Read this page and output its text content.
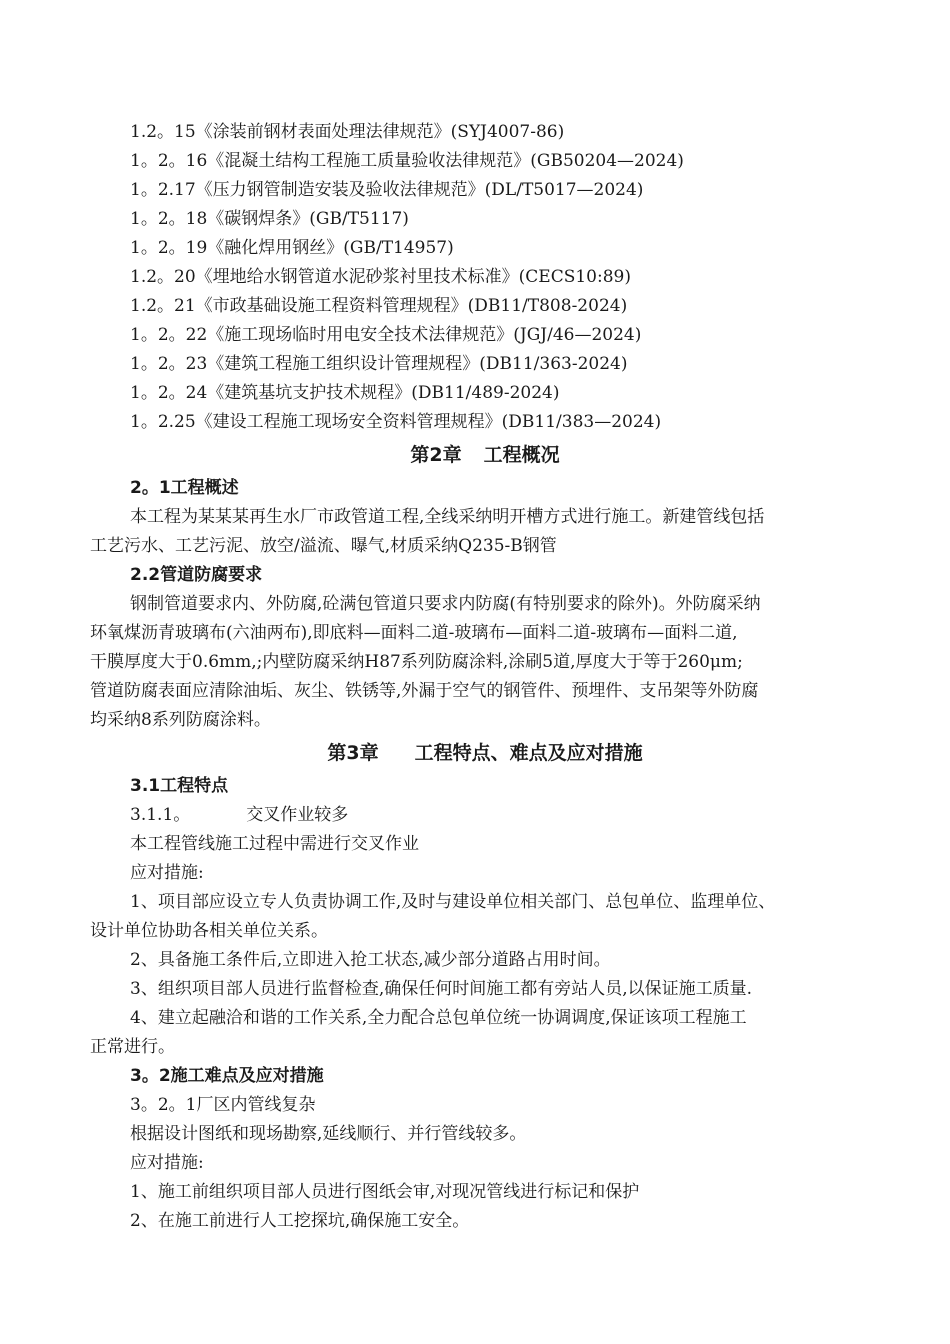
1.2。15《涂装前钢材表面处理法律规范》(SYJ4007-86)
1。2。16《混凝土结构工程施工质量验收法律规范》(GB50204—2024)
1。2.17《压力钢管制造安装及验收法律规范》(DL/T5017—2024)
1。2。18《碳钢焊条》(GB/T5117)
1。2。19《融化焊用钢丝》(GB/T14957)
1.2。20《埋地给水钢管道水泥砂浆衬里技术标准》(CECS10:89)
1.2。21《市政基础设施工程资料管理规程》(DB11/T808-2024)
1。2。22《施工现场临时用电安全技术法律规范》(JGJ/46—2024)
1。2。23《建筑工程施工组织设计管理规程》(DB11/363-2024)
1。2。24《建筑基坑支护技术规程》(DB11/489-2024)
1。2.25《建设工程施工现场安全资料管理规程》(DB11/383—2024)
第2章 工程概况
2。1工程概述
本工程为某某某再生水厂市政管道工程,全线采纳明开槽方式进行施工。新建管线包括
工艺污水、工艺污泥、放空/溢流、曝气,材质采纳Q235-B钢管
2.2管道防腐要求
钢制管道要求内、外防腐,砼满包管道只要求内防腐(有特别要求的除外)。外防腐采纳
环氧煤沥青玻璃布(六油两布),即底料—面料二道-玻璃布—面料二道-玻璃布—面料二道,
干膜厚度大于0.6mm,;内壁防腐采纳H87系列防腐涂料,涂刷5道,厚度大于等于260μm;
管道防腐表面应清除油垢、灰尘、铁锈等,外漏于空气的钢管件、预埋件、支吊架等外防腐
均采纳8系列防腐涂料。
第3章 工程特点、难点及应对措施
3.1工程特点
3.1.1。	交叉作业较多
本工程管线施工过程中需进行交叉作业
应对措施:
1、项目部应设立专人负责协调工作,及时与建设单位相关部门、总包单位、监理单位、
设计单位协助各相关单位关系。
2、具备施工条件后,立即进入抢工状态,减少部分道路占用时间。
3、组织项目部人员进行监督检查,确保任何时间施工都有旁站人员,以保证施工质量.
4、建立起融洽和谐的工作关系,全力配合总包单位统一协调调度,保证该项工程施工
正常进行。
3。2施工难点及应对措施
3。2。1厂区内管线复杂
根据设计图纸和现场勘察,延线顺行、并行管线较多。
应对措施:
1、施工前组织项目部人员进行图纸会审,对现况管线进行标记和保护
2、在施工前进行人工挖探坑,确保施工安全。
